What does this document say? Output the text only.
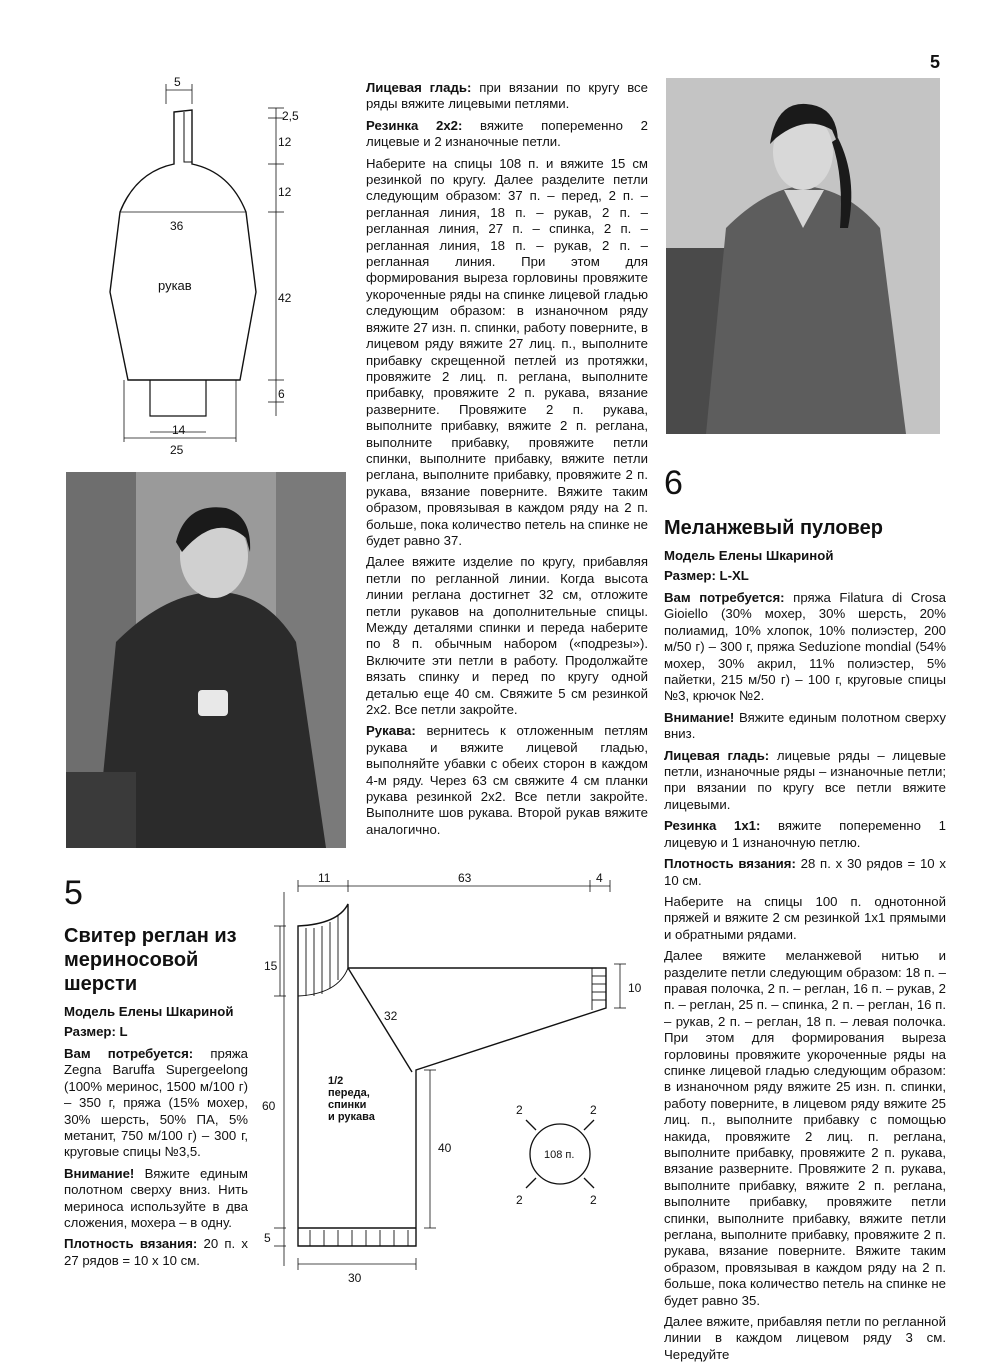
5
5
2,5
12
12
42
6
36
14
25
рукав

Лицевая гладь: при вязании по кругу все ряды вяжите лицевыми петлями.

Резинка 2x2: вяжите попеременно 2 лицевые и 2 изнаночные петли.

Наберите на спицы 108 п. и вяжите 15 см резинкой по кругу. Далее разделите петли следующим образом: 37 п. – перед, 2 п. – регланная линия, 18 п. – рукав, 2 п. – регланная линия, 27 п. – спинка, 2 п. – регланная линия, 18 п. – рукав, 2 п. – регланная линия. При этом для формирования выреза горловины провяжите укороченные ряды на спинке лицевой гладью следующим образом: в изнаночном ряду вяжите 27 изн. п. спинки, работу поверните, в лицевом ряду вяжите 27 лиц. п., выполните прибавку скрещенной петлей из протяжки, провяжите 2 лиц. п. реглана, выполните прибавку, провяжите 2 п. рукава, вязание разверните. Провяжите 2 п. рукава, выполните прибавку, вяжите 2 п. реглана, выполните прибавку, провяжите петли спинки, выполните прибавку, вяжите петли реглана, выполните прибавку, провяжите 2 п. рукава, вязание поверните. Вяжите таким образом, провязывая в каждом ряду на 2 п. больше, пока количество петель на спинке не будет равно 37.

Далее вяжите изделие по кругу, прибавляя петли по регланной линии. Когда высота линии реглана достигнет 32 см, отложите петли рукавов на дополнительные спицы. Между деталями спинки и переда наберите по 8 п. обычным набором («подрезы»). Включите эти петли в работу. Продолжайте вязать спинку и перед по кругу одной деталью еще 40 см. Свяжите 5 см резинкой 2x2. Все петли закройте.

Рукава: вернитесь к отложенным петлям рукава и вяжите лицевой гладью, выполняйте убавки с обеих сторон в каждом 4-м ряду. Через 63 см свяжите 4 см планки рукава резинкой 2x2. Все петли закройте. Выполните шов рукава. Второй рукав вяжите аналогично.

6
Меланжевый пуловер
Модель Елены Шкариной
Размер: L-XL

Вам потребуется: пряжа Filatura di Crosa Gioiello (30% мохер, 30% шерсть, 20% полиамид, 10% хлопок, 10% полиэстер, 200 м/50 г) – 300 г, пряжа Seduzione mondial (54% мохер, 30% акрил, 11% полиэстер, 5% пайетки, 215 м/50 г) – 100 г, круговые спицы №3, крючок №2.

Внимание! Вяжите единым полотном сверху вниз.

Лицевая гладь: лицевые ряды – лицевые петли, изнаночные ряды – изнаночные петли; при вязании по кругу все петли вяжите лицевыми.

Резинка 1x1: вяжите попеременно 1 лицевую и 1 изнаночную петлю.

Плотность вязания: 28 п. х 30 рядов = 10 х 10 см.

Наберите на спицы 100 п. однотонной пряжей и вяжите 2 см резинкой 1x1 прямыми и обратными рядами.

Далее вяжите меланжевой нитью и разделите петли следующим образом: 18 п. – правая полочка, 2 п. – реглан, 16 п. – рукав, 2 п. – реглан, 25 п. – спинка, 2 п. – реглан, 16 п. – рукав, 2 п. – реглан, 18 п. – левая полочка. При этом для формирования выреза горловины провяжите укороченные ряды на спинке лицевой гладью следующим образом: в изнаночном ряду вяжите 25 изн. п. спинки, работу поверните, в лицевом ряду вяжите 25 лиц. п., выполните прибавку с помощью накида, провяжите 2 лиц. п. реглана, выполните прибавку, провяжите 2 п. рукава, вязание разверните. Провяжите 2 п. рукава, выполните прибавку, вяжите 2 п. реглана, выполните прибавку, провяжите петли спинки, выполните прибавку, вяжите петли реглана, выполните прибавку, провяжите 2 п. рукава, вязание поверните. Вяжите таким образом, провязывая в каждом ряду на 2 п. больше, пока количество петель на спинке не будет равно 35.

Далее вяжите, прибавляя петли по регланной линии в каждом лицевом ряду 3 см. Чередуйте

5
Свитер реглан из мериносовой шерсти
Модель Елены Шкариной
Размер: L

Вам потребуется: пряжа Zegna Baruffa Supergeelong (100% меринос, 1500 м/100 г) – 350 г, пряжа (15% мохер, 30% шерсть, 50% ПА, 5% метанит, 750 м/100 г) – 300 г, круговые спицы №3,5.

Внимание! Вяжите единым полотном сверху вниз. Нить мериноса используйте в два сложения, мохера – в одну.

Плотность вязания: 20 п. х 27 рядов = 10 х 10 см.

11	63	4
15
10
32
60
40
5
30
108 п.
2	2
2	2
1/2
переда,
спинки
и рукава
